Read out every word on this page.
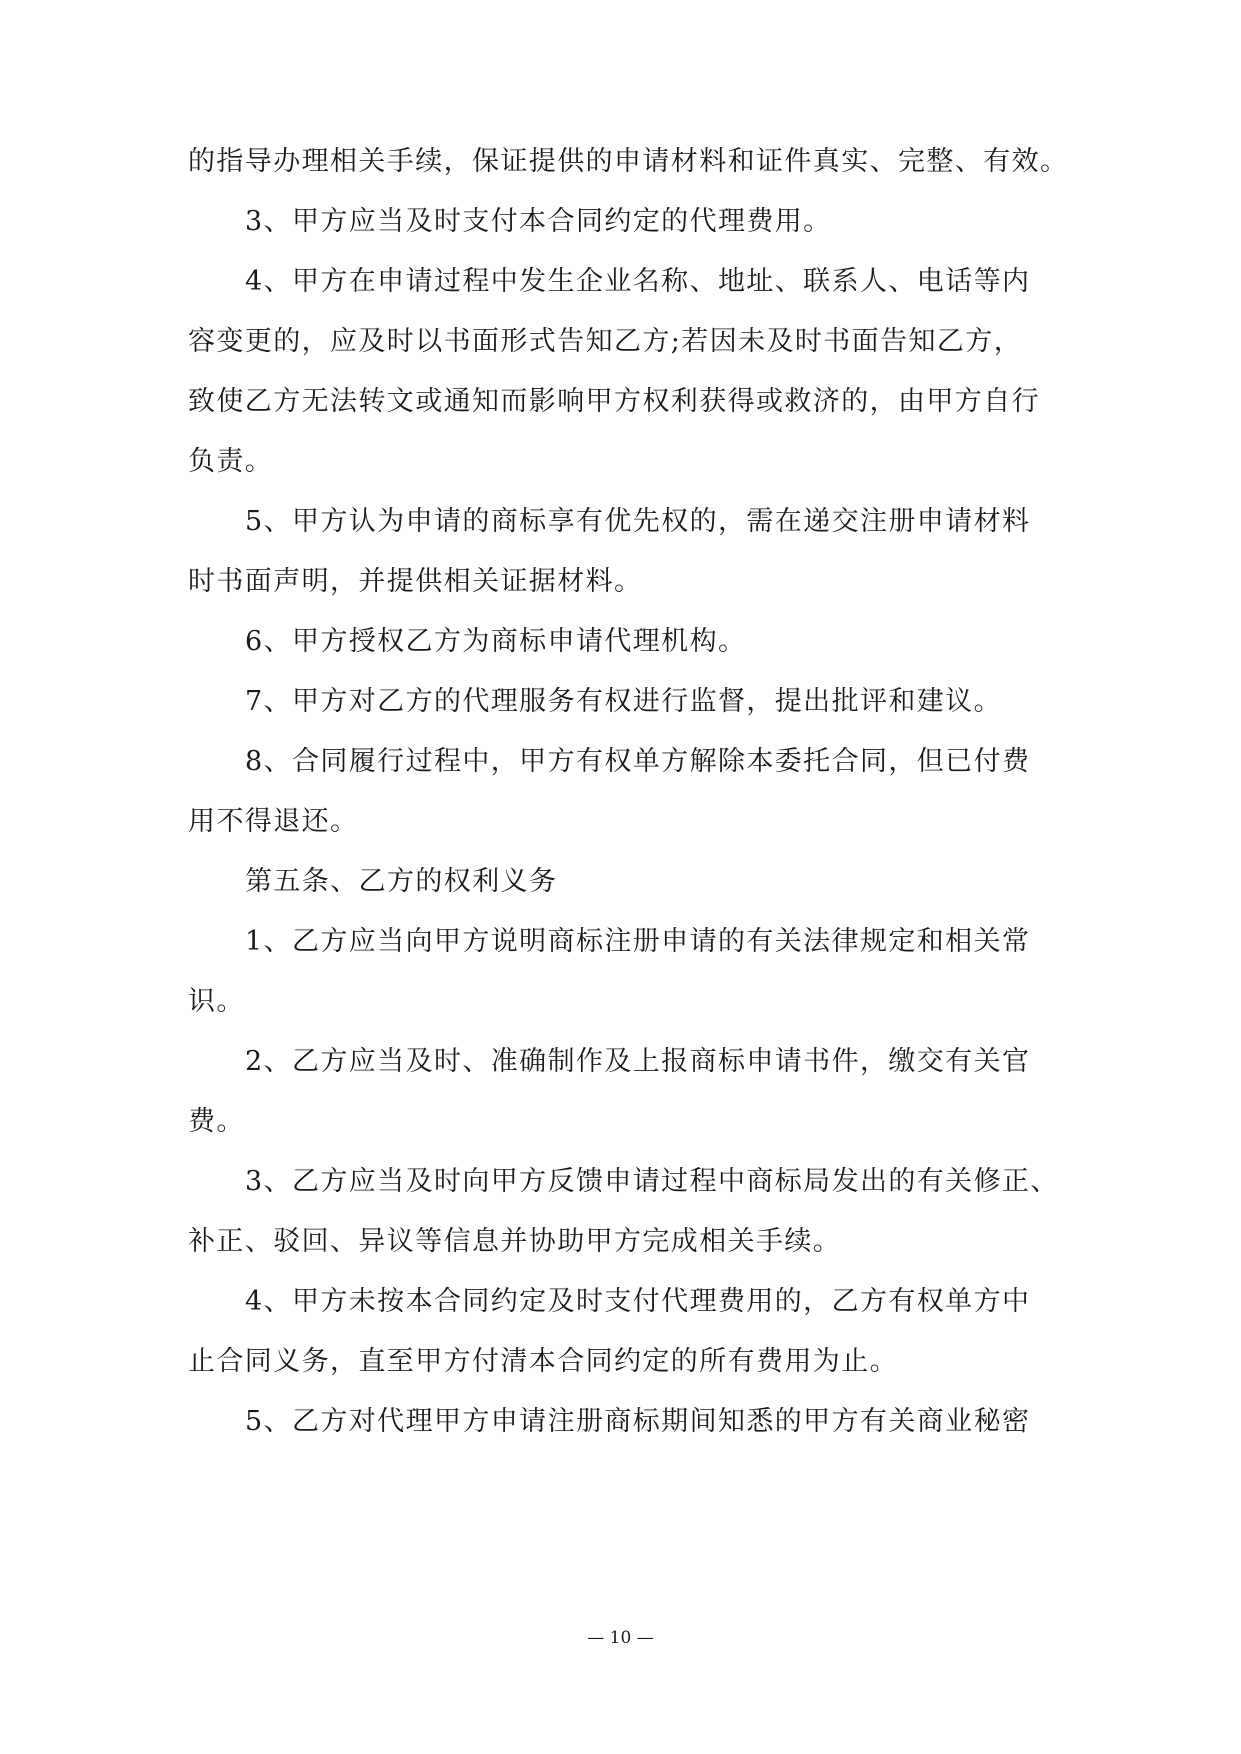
的指导办理相关手续，保证提供的申请材料和证件真实、完整、有效。
3、甲方应当及时支付本合同约定的代理费用。
4、甲方在申请过程中发生企业名称、地址、联系人、电话等内
容变更的，应及时以书面形式告知乙方;若因未及时书面告知乙方，
致使乙方无法转文或通知而影响甲方权利获得或救济的，由甲方自行
负责。
5、甲方认为申请的商标享有优先权的，需在递交注册申请材料
时书面声明，并提供相关证据材料。
6、甲方授权乙方为商标申请代理机构。
7、甲方对乙方的代理服务有权进行监督，提出批评和建议。
8、合同履行过程中，甲方有权单方解除本委托合同，但已付费
用不得退还。
第五条、乙方的权利义务
1、乙方应当向甲方说明商标注册申请的有关法律规定和相关常
识。
2、乙方应当及时、准确制作及上报商标申请书件，缴交有关官
费。
3、乙方应当及时向甲方反馈申请过程中商标局发出的有关修正、
补正、驳回、异议等信息并协助甲方完成相关手续。
4、甲方未按本合同约定及时支付代理费用的，乙方有权单方中
止合同义务，直至甲方付清本合同约定的所有费用为止。
5、乙方对代理甲方申请注册商标期间知悉的甲方有关商业秘密
— 10 —
